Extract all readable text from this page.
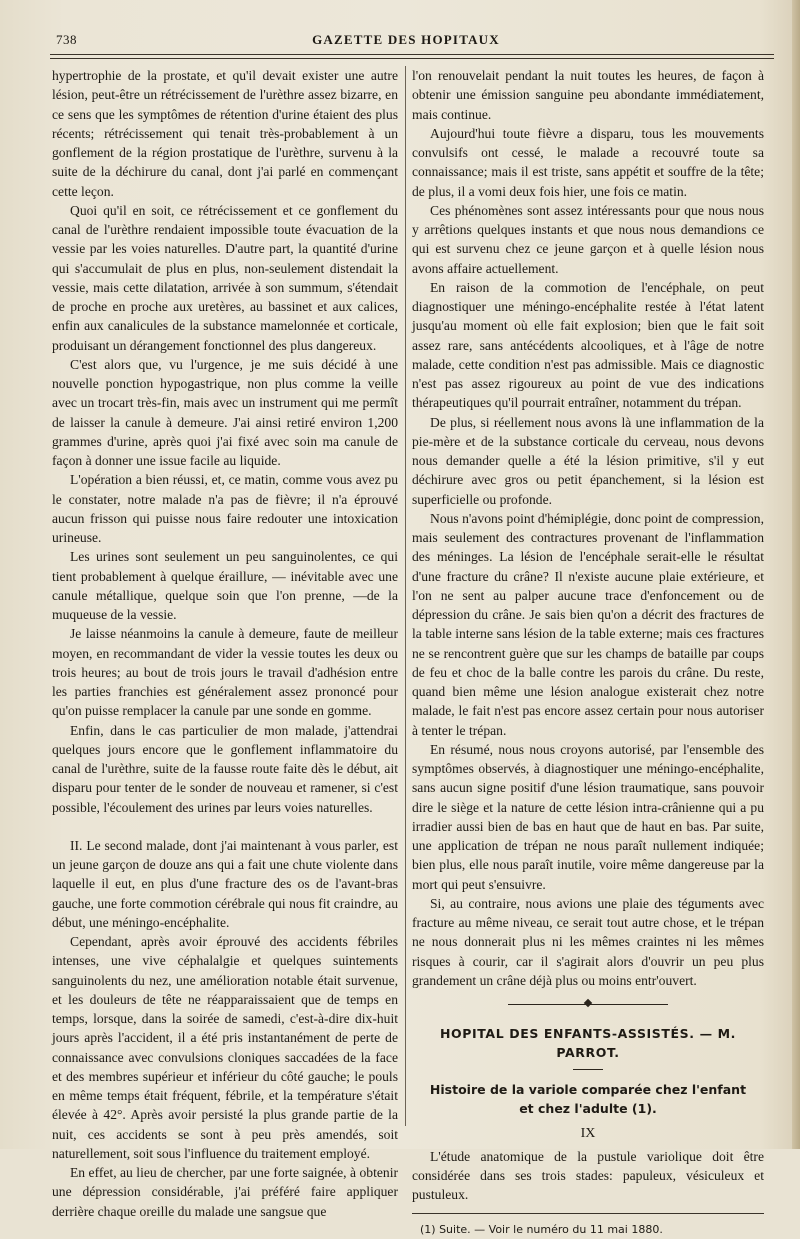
738	GAZETTE DES HOPITAUX

hypertrophie de la prostate, et qu'il devait exister une autre lésion, peut-être un rétrécissement de l'urèthre assez bizarre, en ce sens que les symptômes de rétention d'urine étaient des plus récents; rétrécissement qui tenait très-probablement à un gonflement de la région prostatique de l'urèthre, survenu à la suite de la déchirure du canal, dont j'ai parlé en commençant cette leçon.

Quoi qu'il en soit, ce rétrécissement et ce gonflement du canal de l'urèthre rendaient impossible toute évacuation de la vessie par les voies naturelles. D'autre part, la quantité d'urine qui s'accumulait de plus en plus, non-seulement distendait la vessie, mais cette dilatation, arrivée à son summum, s'étendait de proche en proche aux uretères, au bassinet et aux calices, enfin aux canalicules de la substance mamelonnée et corticale, produisant un dérangement fonctionnel des plus dangereux.

C'est alors que, vu l'urgence, je me suis décidé à une nouvelle ponction hypogastrique, non plus comme la veille avec un trocart très-fin, mais avec un instrument qui me permît de laisser la canule à demeure. J'ai ainsi retiré environ 1,200 grammes d'urine, après quoi j'ai fixé avec soin ma canule de façon à donner une issue facile au liquide.

L'opération a bien réussi, et, ce matin, comme vous avez pu le constater, notre malade n'a pas de fièvre; il n'a éprouvé aucun frisson qui puisse nous faire redouter une intoxication urineuse.

Les urines sont seulement un peu sanguinolentes, ce qui tient probablement à quelque éraillure, — inévitable avec une canule métallique, quelque soin que l'on prenne, —de la muqueuse de la vessie.

Je laisse néanmoins la canule à demeure, faute de meilleur moyen, en recommandant de vider la vessie toutes les deux ou trois heures; au bout de trois jours le travail d'adhésion entre les parties franchies est généralement assez prononcé pour qu'on puisse remplacer la canule par une sonde en gomme.

Enfin, dans le cas particulier de mon malade, j'attendrai quelques jours encore que le gonflement inflammatoire du canal de l'urèthre, suite de la fausse route faite dès le début, ait disparu pour tenter de le sonder de nouveau et ramener, si c'est possible, l'écoulement des urines par leurs voies naturelles.

II. Le second malade, dont j'ai maintenant à vous parler, est un jeune garçon de douze ans qui a fait une chute violente dans laquelle il eut, en plus d'une fracture des os de l'avant-bras gauche, une forte commotion cérébrale qui nous fit craindre, au début, une méningo-encéphalite.

Cependant, après avoir éprouvé des accidents fébriles intenses, une vive céphalalgie et quelques suintements sanguinolents du nez, une amélioration notable était survenue, et les douleurs de tête ne réapparaissaient que de temps en temps, lorsque, dans la soirée de samedi, c'est-à-dire dix-huit jours après l'accident, il a été pris instantanément de perte de connaissance avec convulsions cloniques saccadées de la face et des membres supérieur et inférieur du côté gauche; le pouls en même temps était fréquent, fébrile, et la température s'était élevée à 42°. Après avoir persisté la plus grande partie de la nuit, ces accidents se sont à peu près amendés, soit naturellement, soit sous l'influence du traitement employé.

En effet, au lieu de chercher, par une forte saignée, à obtenir une dépression considérable, j'ai préféré faire appliquer derrière chaque oreille du malade une sangsue que

l'on renouvelait pendant la nuit toutes les heures, de façon à obtenir une émission sanguine peu abondante immédiatement, mais continue.

Aujourd'hui toute fièvre a disparu, tous les mouvements convulsifs ont cessé, le malade a recouvré toute sa connaissance; mais il est triste, sans appétit et souffre de la tête; de plus, il a vomi deux fois hier, une fois ce matin.

Ces phénomènes sont assez intéressants pour que nous nous y arrêtions quelques instants et que nous nous demandions ce qui est survenu chez ce jeune garçon et à quelle lésion nous avons affaire actuellement.

En raison de la commotion de l'encéphale, on peut diagnostiquer une méningo-encéphalite restée à l'état latent jusqu'au moment où elle fait explosion; bien que le fait soit assez rare, sans antécédents alcooliques, et à l'âge de notre malade, cette condition n'est pas admissible. Mais ce diagnostic n'est pas assez rigoureux au point de vue des indications thérapeutiques qu'il pourrait entraîner, notamment du trépan.

De plus, si réellement nous avons là une inflammation de la pie-mère et de la substance corticale du cerveau, nous devons nous demander quelle a été la lésion primitive, s'il y eut déchirure avec gros ou petit épanchement, si la lésion est superficielle ou profonde.

Nous n'avons point d'hémiplégie, donc point de compression, mais seulement des contractures provenant de l'inflammation des méninges. La lésion de l'encéphale serait-elle le résultat d'une fracture du crâne? Il n'existe aucune plaie extérieure, et l'on ne sent au palper aucune trace d'enfoncement ou de dépression du crâne. Je sais bien qu'on a décrit des fractures de la table interne sans lésion de la table externe; mais ces fractures ne se rencontrent guère que sur les champs de bataille par coups de feu et choc de la balle contre les parois du crâne. Du reste, quand bien même une lésion analogue existerait chez notre malade, le fait n'est pas encore assez certain pour nous autoriser à tenter le trépan.

En résumé, nous nous croyons autorisé, par l'ensemble des symptômes observés, à diagnostiquer une méningo-encéphalite, sans aucun signe positif d'une lésion traumatique, sans pouvoir dire le siège et la nature de cette lésion intra-crânienne qui a pu irradier aussi bien de bas en haut que de haut en bas. Par suite, une application de trépan ne nous paraît nullement indiquée; bien plus, elle nous paraît inutile, voire même dangereuse par la mort qui peut s'ensuivre.

Si, au contraire, nous avions une plaie des téguments avec fracture au même niveau, ce serait tout autre chose, et le trépan ne nous donnerait plus ni les mêmes craintes ni les mêmes risques à courir, car il s'agirait alors d'ouvrir un peu plus grandement un crâne déjà plus ou moins entr'ouvert.

HOPITAL DES ENFANTS-ASSISTÉS. — M. PARROT.
Histoire de la variole comparée chez l'enfant
et chez l'adulte (1).
IX

L'étude anatomique de la pustule variolique doit être considérée dans ses trois stades: papuleux, vésiculeux et pustuleux.

(1) Suite. — Voir le numéro du 11 mai 1880.
